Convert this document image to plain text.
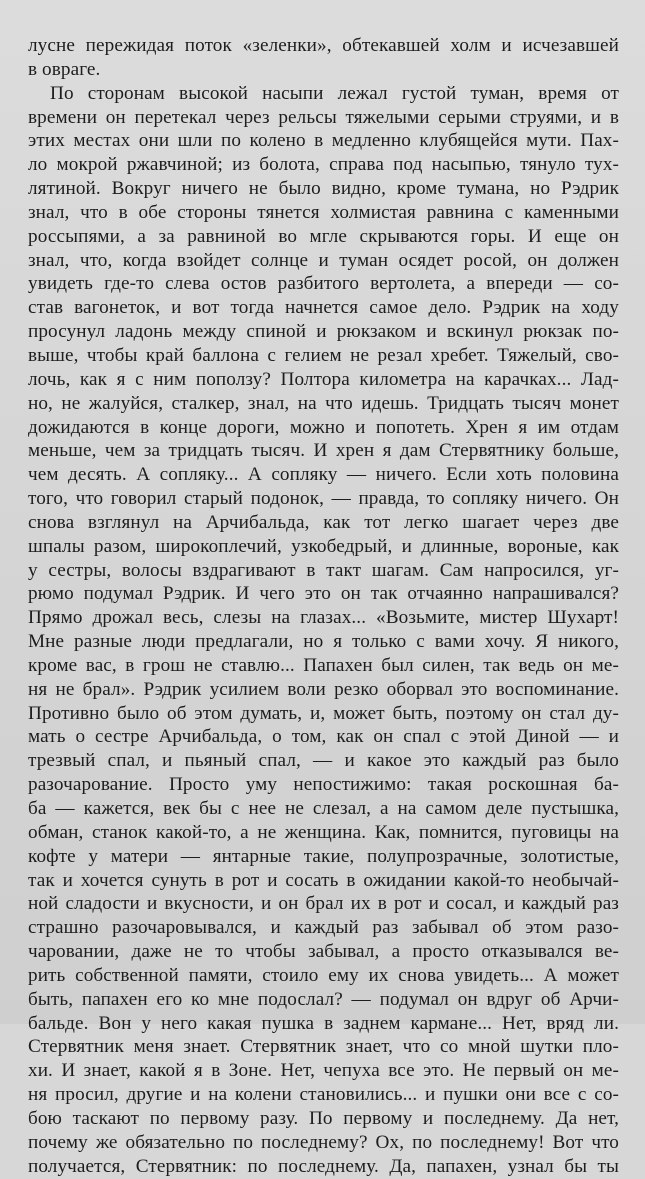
лусне пережидая поток «зеленки», обтекавшей холм и исчезавшей
в овраге.
По сторонам высокой насыпи лежал густой туман, время от
времени он перетекал через рельсы тяжелыми серыми струями, и в
этих местах они шли по колено в медленно клубящейся мути. Пах-
ло мокрой ржавчиной; из болота, справа под насыпью, тянуло тух-
лятиной. Вокруг ничего не было видно, кроме тумана, но Рэдрик
знал, что в обе стороны тянется холмистая равнина с каменными
россыпями, а за равниной во мгле скрываются горы. И еще он
знал, что, когда взойдет солнце и туман осядет росой, он должен
увидеть где-то слева остов разбитого вертолета, а впереди — со-
став вагонеток, и вот тогда начнется самое дело. Рэдрик на ходу
просунул ладонь между спиной и рюкзаком и вскинул рюкзак по-
выше, чтобы край баллона с гелием не резал хребет. Тяжелый, сво-
лочь, как я с ним поползу? Полтора километра на карачках... Лад-
но, не жалуйся, сталкер, знал, на что идешь. Тридцать тысяч монет
дожидаются в конце дороги, можно и попотеть. Хрен я им отдам
меньше, чем за тридцать тысяч. И хрен я дам Стервятнику больше,
чем десять. А сопляку... А сопляку — ничего. Если хоть половина
того, что говорил старый подонок, — правда, то сопляку ничего. Он
снова взглянул на Арчибальда, как тот легко шагает через две
шпалы разом, широкоплечий, узкобедрый, и длинные, вороные, как
у сестры, волосы вздрагивают в такт шагам. Сам напросился, уг-
рюмо подумал Рэдрик. И чего это он так отчаянно напрашивался?
Прямо дрожал весь, слезы на глазах... «Возьмите, мистер Шухарт!
Мне разные люди предлагали, но я только с вами хочу. Я никого,
кроме вас, в грош не ставлю... Папахен был силен, так ведь он ме-
ня не брал». Рэдрик усилием воли резко оборвал это воспоминание.
Противно было об этом думать, и, может быть, поэтому он стал ду-
мать о сестре Арчибальда, о том, как он спал с этой Диной — и
трезвый спал, и пьяный спал, — и какое это каждый раз было
разочарование. Просто уму непостижимо: такая роскошная ба-
ба — кажется, век бы с нее не слезал, а на самом деле пустышка,
обман, станок какой-то, а не женщина. Как, помнится, пуговицы на
кофте у матери — янтарные такие, полупрозрачные, золотистые,
так и хочется сунуть в рот и сосать в ожидании какой-то необычай-
ной сладости и вкусности, и он брал их в рот и сосал, и каждый раз
страшно разочаровывался, и каждый раз забывал об этом разо-
чаровании, даже не то чтобы забывал, а просто отказывался ве-
рить собственной памяти, стоило ему их снова увидеть... А может
быть, папахен его ко мне подослал? — подумал он вдруг об Арчи-
бальде. Вон у него какая пушка в заднем кармане... Нет, вряд ли.
Стервятник меня знает. Стервятник знает, что со мной шутки пло-
хи. И знает, какой я в Зоне. Нет, чепуха все это. Не первый он ме-
ня просил, другие и на колени становились... и пушки они все с со-
бою таскают по первому разу. По первому и последнему. Да нет,
почему же обязательно по последнему? Ох, по последнему! Вот что
получается, Стервятник: по последнему. Да, папахен, узнал бы ты
